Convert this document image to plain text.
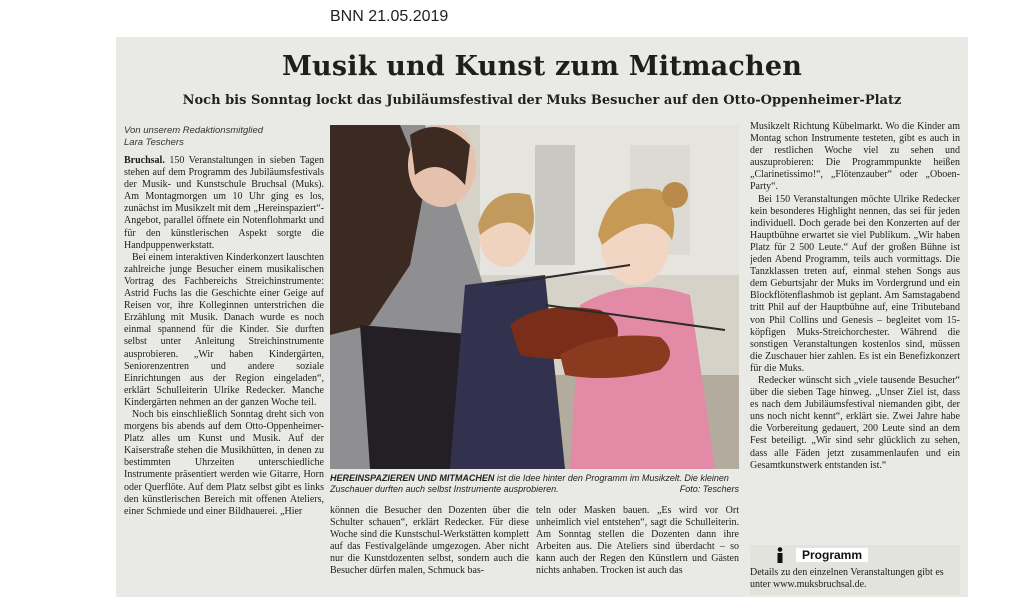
BNN 21.05.2019
Musik und Kunst zum Mitmachen
Noch bis Sonntag lockt das Jubiläumsfestival der Muks Besucher auf den Otto-Oppenheimer-Platz
Von unserem Redaktionsmitglied
Lara Teschers

Bruchsal. 150 Veranstaltungen in sieben Tagen stehen auf dem Programm des Jubiläumsfestivals der Musik- und Kunstschule Bruchsal (Muks). Am Montagmorgen um 10 Uhr ging es los, zunächst im Musikzelt mit dem „Hereinspaziert“-Angebot, parallel öffnete ein Notenflohmarkt und für den künstlerischen Aspekt sorgte die Handpuppenwerkstatt.

Bei einem interaktiven Kinderkonzert lauschten zahlreiche junge Besucher einem musikalischen Vortrag des Fachbereichs Streichinstrumente: Astrid Fuchs las die Geschichte einer Geige auf Reisen vor, ihre Kolleginnen unterstrichen die Erzählung mit Musik. Danach wurde es noch einmal spannend für die Kinder. Sie durften selbst unter Anleitung Streichinstrumente ausprobieren. „Wir haben Kindergärten, Seniorenzentren und andere soziale Einrichtungen aus der Region eingeladen“, erklärt Schulleiterin Ulrike Redecker. Manche Kindergärten nehmen an der ganzen Woche teil.

Noch bis einschließlich Sonntag dreht sich von morgens bis abends auf dem Otto-Oppenheimer-Platz alles um Kunst und Musik. Auf der Kaiserstraße stehen die Musikhütten, in denen zu bestimmten Uhrzeiten unterschiedliche Instrumente präsentiert werden wie Gitarre, Horn oder Querflöte. Auf dem Platz selbst gibt es links den künstlerischen Bereich mit offenen Ateliers, einer Schmiede und einer Bildhauerei. „Hier

HEREINSPAZIEREN UND MITMACHEN ist die Idee hinter den Programm im Musikzelt. Die kleinen Zuschauer durften auch selbst Instrumente ausprobieren.	Foto: Teschers

können die Besucher den Dozenten über die Schulter schauen“, erklärt Redecker. Für diese Woche sind die Kunstschul-Werkstätten komplett auf das Festivalgelände umgezogen. Aber nicht nur die Kunstdozenten selbst, sondern auch die Besucher dürfen malen, Schmuck bas-

teln oder Masken bauen. „Es wird vor Ort unheimlich viel entstehen“, sagt die Schulleiterin. Am Sonntag stellen die Dozenten dann ihre Arbeiten aus. Die Ateliers sind überdacht – so kann auch der Regen den Künstlern und Gästen nichts anhaben. Trocken ist auch das

Musikzelt Richtung Kübelmarkt. Wo die Kinder am Montag schon Instrumente testeten, gibt es auch in der restlichen Woche viel zu sehen und auszuprobieren: Die Programmpunkte heißen „Clarinetissimo!“, „Flötenzauber“ oder „Oboen-Party“.

Bei 150 Veranstaltungen möchte Ulrike Redecker kein besonderes Highlight nennen, das sei für jeden individuell. Doch gerade bei den Konzerten auf der Hauptbühne erwartet sie viel Publikum. „Wir haben Platz für 2 500 Leute.“ Auf der großen Bühne ist jeden Abend Programm, teils auch vormittags. Die Tanzklassen treten auf, einmal stehen Songs aus dem Geburtsjahr der Muks im Vordergrund und ein Blockflötenflashmob ist geplant. Am Samstagabend tritt Phil auf der Hauptbühne auf, eine Tributeband von Phil Collins und Genesis – begleitet vom 15-köpfigen Muks-Streichorchester. Während die sonstigen Veranstaltungen kostenlos sind, müssen die Zuschauer hier zahlen. Es ist ein Benefizkonzert für die Muks.

Redecker wünscht sich „viele tausende Besucher“ über die sieben Tage hinweg. „Unser Ziel ist, dass es nach dem Jubiläumsfestival niemanden gibt, der uns noch nicht kennt“, erklärt sie. Zwei Jahre habe die Vorbereitung gedauert, 200 Leute sind an dem Fest beteiligt. „Wir sind sehr glücklich zu sehen, dass alle Fäden jetzt zusammenlaufen und ein Gesamtkunstwerk entstanden ist.“

Programm
Details zu den einzelnen Veranstaltungen gibt es unter www.muksbruchsal.de.
